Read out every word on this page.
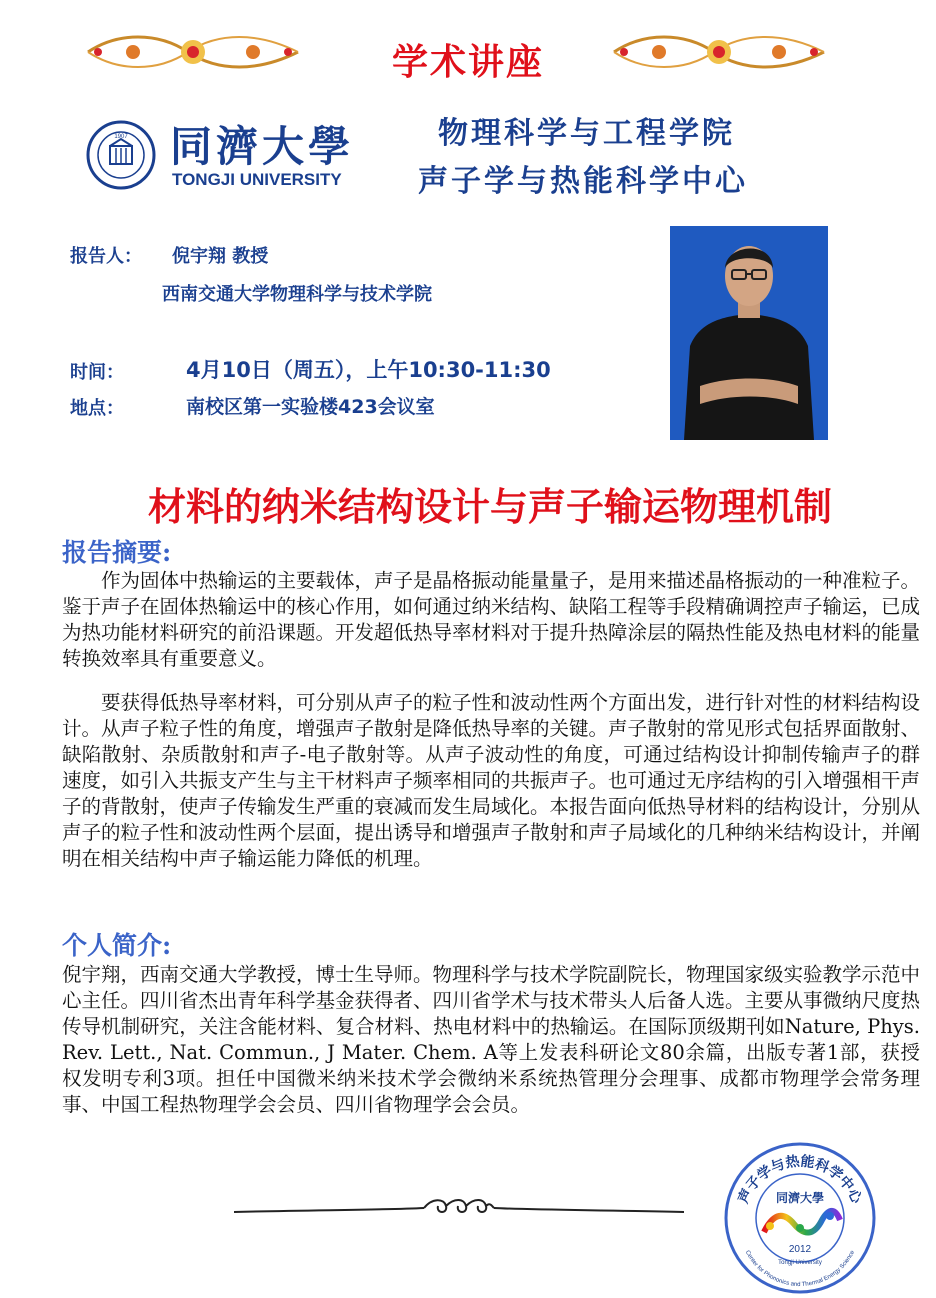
学术讲座
1907 同濟大學
TONGJI UNIVERSITY
物理科学与工程学院
声子学与热能科学中心
报告人： 倪宇翔 教授
西南交通大学物理科学与技术学院
时间：	4月10日（周五），上午10:30-11:30
地点：	南校区第一实验楼423会议室
材料的纳米结构设计与声子输运物理机制
报告摘要:
作为固体中热输运的主要载体，声子是晶格振动能量量子，是用来描述晶格振动的一种准粒子。鉴于声子在固体热输运中的核心作用，如何通过纳米结构、缺陷工程等手段精确调控声子输运，已成为热功能材料研究的前沿课题。开发超低热导率材料对于提升热障涂层的隔热性能及热电材料的能量转换效率具有重要意义。
要获得低热导率材料，可分别从声子的粒子性和波动性两个方面出发，进行针对性的材料结构设计。从声子粒子性的角度，增强声子散射是降低热导率的关键。声子散射的常见形式包括界面散射、缺陷散射、杂质散射和声子-电子散射等。从声子波动性的角度，可通过结构设计抑制传输声子的群速度，如引入共振支产生与主干材料声子频率相同的共振声子。也可通过无序结构的引入增强相干声子的背散射，使声子传输发生严重的衰减而发生局域化。本报告面向低热导材料的结构设计，分别从声子的粒子性和波动性两个层面，提出诱导和增强声子散射和声子局域化的几种纳米结构设计，并阐明在相关结构中声子输运能力降低的机理。
个人简介:
倪宇翔，西南交通大学教授，博士生导师。物理科学与技术学院副院长，物理国家级实验教学示范中心主任。四川省杰出青年科学基金获得者、四川省学术与技术带头人后备人选。主要从事微纳尺度热传导机制研究，关注含能材料、复合材料、热电材料中的热输运。在国际顶级期刊如Nature, Phys. Rev. Lett., Nat. Commun., J Mater. Chem. A等上发表科研论文80余篇，出版专著1部，获授权发明专利3项。担任中国微米纳米技术学会微纳米系统热管理分会理事、成都市物理学会常务理事、中国工程热物理学会会员、四川省物理学会会员。
声子学与热能科学中心
同濟大學
2012
Tongji University
Center for Phononics and Thermal Energy Science
